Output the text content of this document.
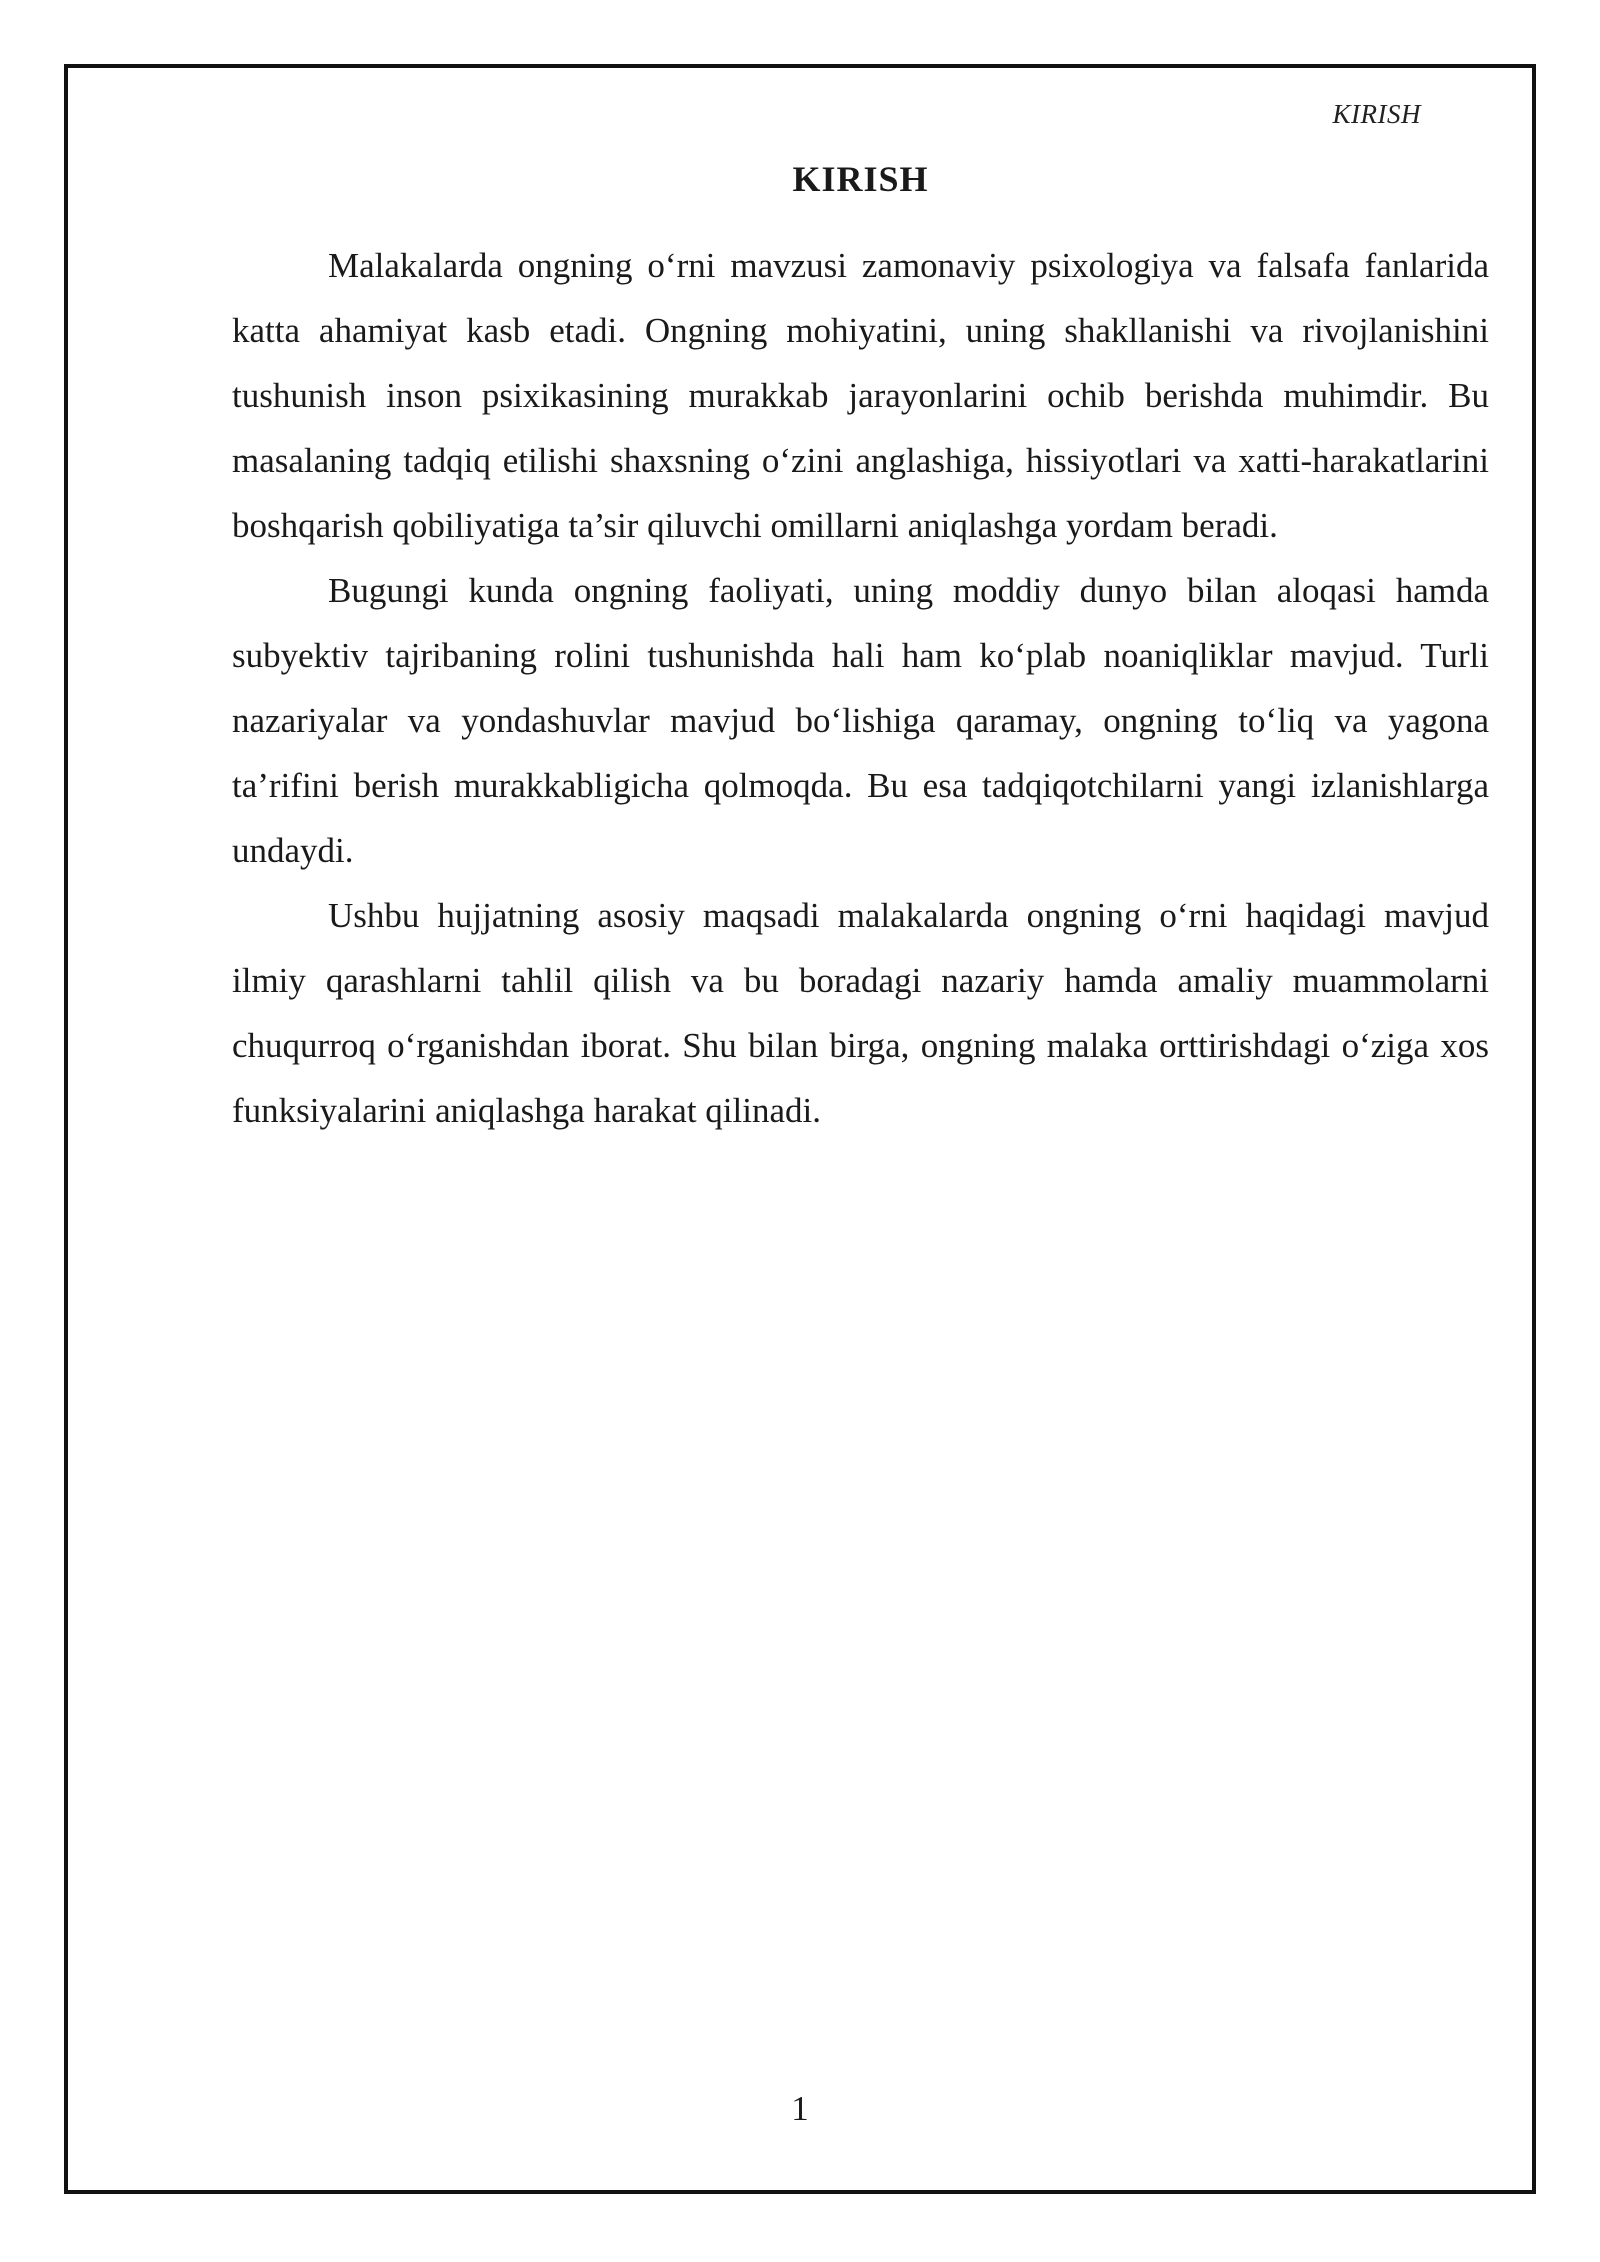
KIRISH
KIRISH

Malakalarda ongning o‘rni mavzusi zamonaviy psixologiya va falsafa fanlarida katta ahamiyat kasb etadi. Ongning mohiyatini, uning shakllanishi va rivojlanishini tushunish inson psixikasining murakkab jarayonlarini ochib berishda muhimdir. Bu masalaning tadqiq etilishi shaxsning o‘zini anglashiga, hissiyotlari va xatti-harakatlarini boshqarish qobiliyatiga ta’sir qiluvchi omillarni aniqlashga yordam beradi.

Bugungi kunda ongning faoliyati, uning moddiy dunyo bilan aloqasi hamda subyektiv tajribaning rolini tushunishda hali ham ko‘plab noaniqliklar mavjud. Turli nazariyalar va yondashuvlar mavjud bo‘lishiga qaramay, ongning to‘liq va yagona ta’rifini berish murakkabligicha qolmoqda. Bu esa tadqiqotchilarni yangi izlanishlarga undaydi.

Ushbu hujjatning asosiy maqsadi malakalarda ongning o‘rni haqidagi mavjud ilmiy qarashlarni tahlil qilish va bu boradagi nazariy hamda amaliy muammolarni chuqurroq o‘rganishdan iborat. Shu bilan birga, ongning malaka orttirishdagi o‘ziga xos funksiyalarini aniqlashga harakat qilinadi.

1
